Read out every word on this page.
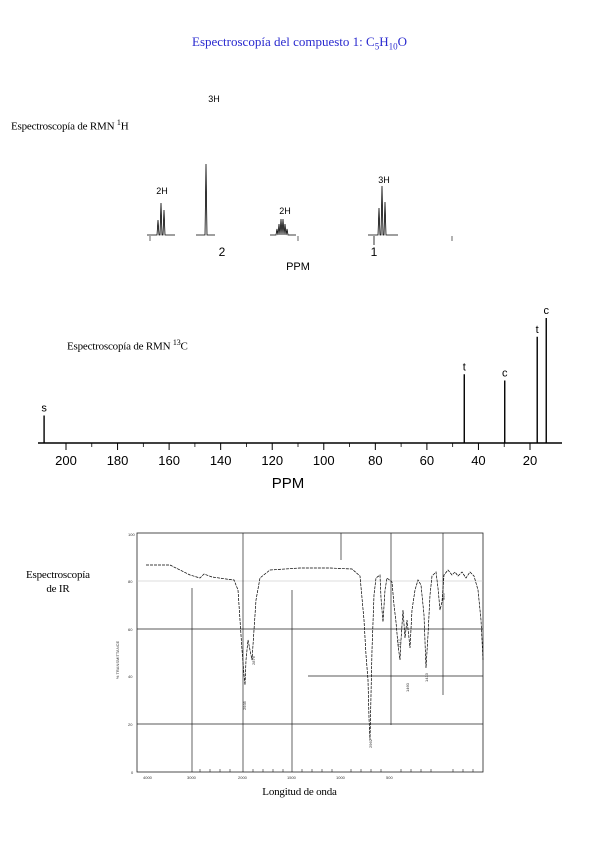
Espectroscopía del compuesto 1: $C_5H_{10}O$
Espectroscopía de RMN $^1$H
3H
2H
2H
3H
2	1
PPM
Espectroscopía de RMN $^{13}$C
200 180 160 140 120 100	80	60	40	20
s
t
c
t
c
PPM
Espectroscopía
de IR
100
80
60
40
20
0
4000	3000	2000	1500	1000	500
% TRANSMITTANCE
2962
2935
2876
1717
1460
1413
955
Longitud de onda
